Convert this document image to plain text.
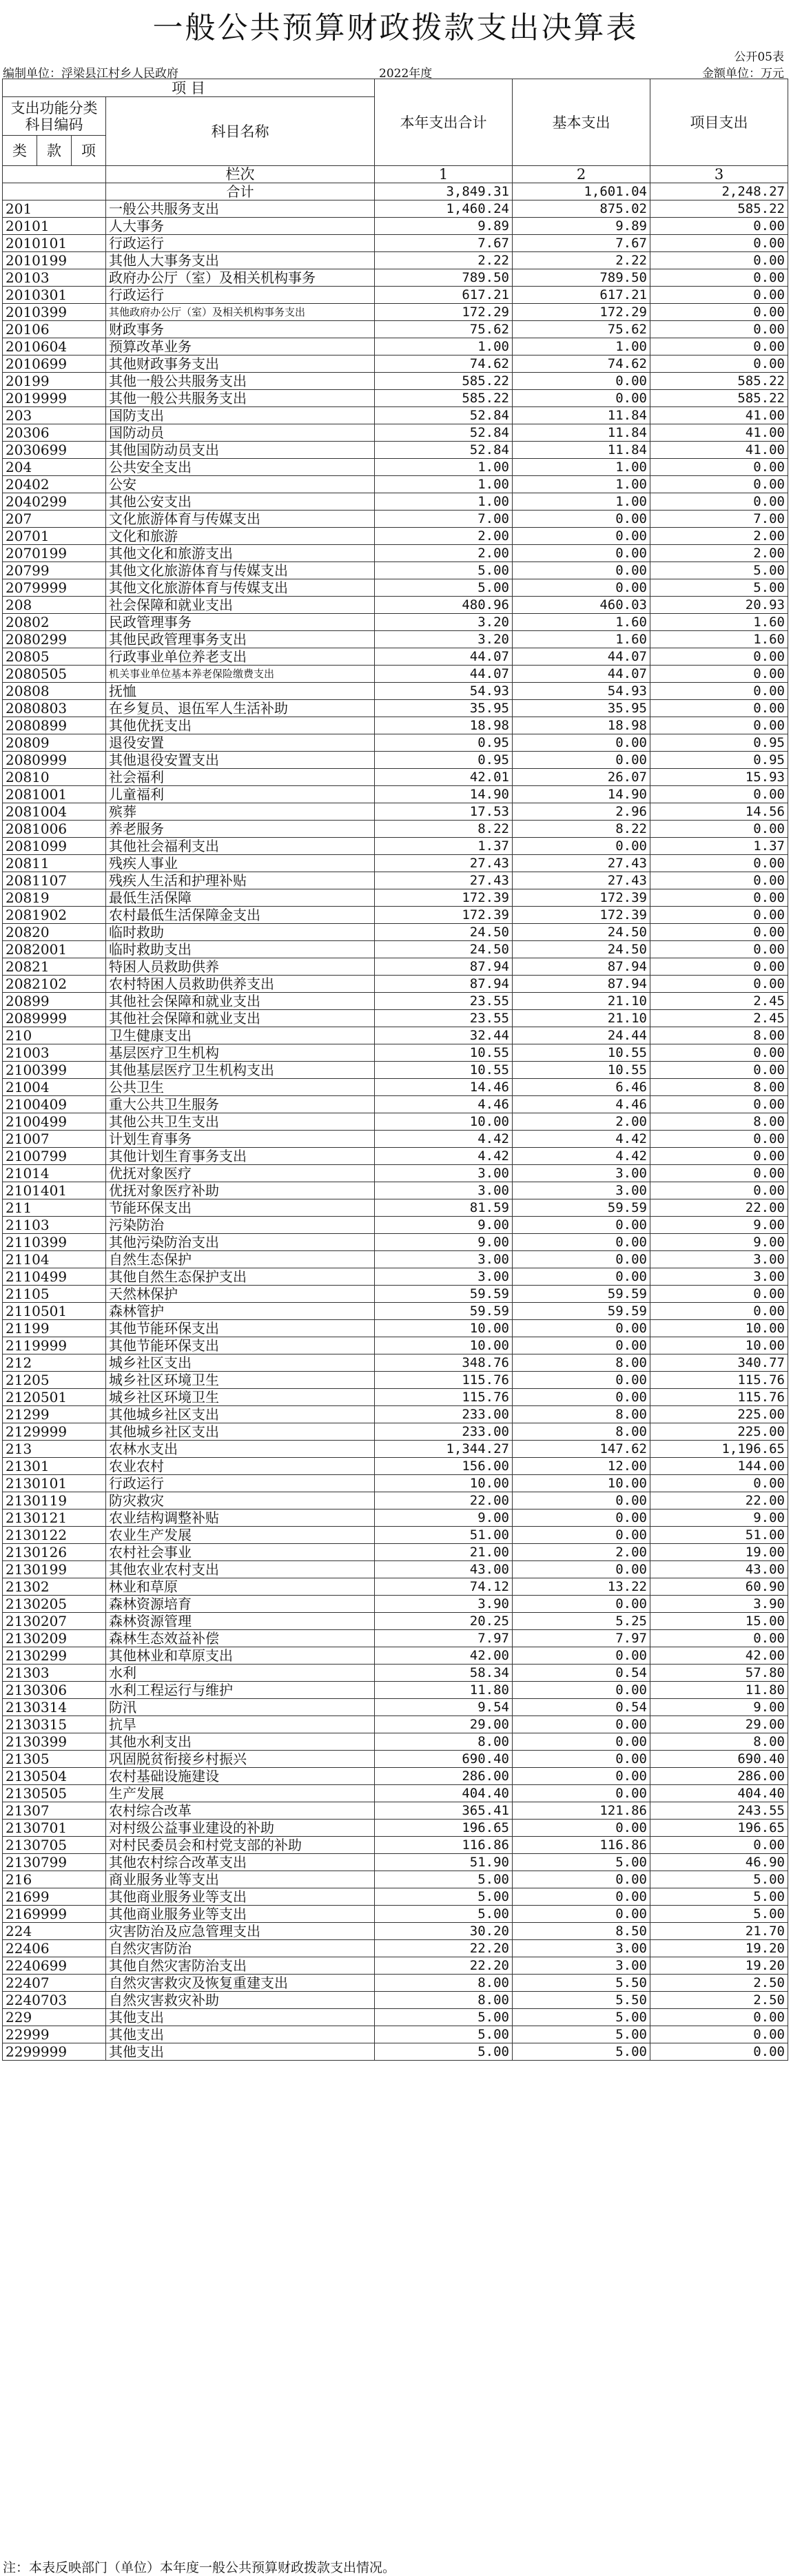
一般公共预算财政拨款支出决算表
公开05表
编制单位：浮梁县江村乡人民政府	2022年度	金额单位：万元
项 目				本年支出合计	基本支出	项目支出
支出功能分类科目编码			科目名称			
类	款	项				
			栏次	1	2	3
			合计	3,849.31	1,601.04	2,248.27
201			一般公共服务支出	1,460.24	875.02	585.22
20101			人大事务	9.89	9.89	0.00
2010101			行政运行	7.67	7.67	0.00
2010199			其他人大事务支出	2.22	2.22	0.00
20103			政府办公厅（室）及相关机构事务	789.50	789.50	0.00
2010301			行政运行	617.21	617.21	0.00
2010399			其他政府办公厅（室）及相关机构事务支出	172.29	172.29	0.00
20106			财政事务	75.62	75.62	0.00
2010604			预算改革业务	1.00	1.00	0.00
2010699			其他财政事务支出	74.62	74.62	0.00
20199			其他一般公共服务支出	585.22	0.00	585.22
2019999			其他一般公共服务支出	585.22	0.00	585.22
203			国防支出	52.84	11.84	41.00
20306			国防动员	52.84	11.84	41.00
2030699			其他国防动员支出	52.84	11.84	41.00
204			公共安全支出	1.00	1.00	0.00
20402			公安	1.00	1.00	0.00
2040299			其他公安支出	1.00	1.00	0.00
207			文化旅游体育与传媒支出	7.00	0.00	7.00
20701			文化和旅游	2.00	0.00	2.00
2070199			其他文化和旅游支出	2.00	0.00	2.00
20799			其他文化旅游体育与传媒支出	5.00	0.00	5.00
2079999			其他文化旅游体育与传媒支出	5.00	0.00	5.00
208			社会保障和就业支出	480.96	460.03	20.93
20802			民政管理事务	3.20	1.60	1.60
2080299			其他民政管理事务支出	3.20	1.60	1.60
20805			行政事业单位养老支出	44.07	44.07	0.00
2080505			机关事业单位基本养老保险缴费支出	44.07	44.07	0.00
20808			抚恤	54.93	54.93	0.00
2080803			在乡复员、退伍军人生活补助	35.95	35.95	0.00
2080899			其他优抚支出	18.98	18.98	0.00
20809			退役安置	0.95	0.00	0.95
2080999			其他退役安置支出	0.95	0.00	0.95
20810			社会福利	42.01	26.07	15.93
2081001			儿童福利	14.90	14.90	0.00
2081004			殡葬	17.53	2.96	14.56
2081006			养老服务	8.22	8.22	0.00
2081099			其他社会福利支出	1.37	0.00	1.37
20811			残疾人事业	27.43	27.43	0.00
2081107			残疾人生活和护理补贴	27.43	27.43	0.00
20819			最低生活保障	172.39	172.39	0.00
2081902			农村最低生活保障金支出	172.39	172.39	0.00
20820			临时救助	24.50	24.50	0.00
2082001			临时救助支出	24.50	24.50	0.00
20821			特困人员救助供养	87.94	87.94	0.00
2082102			农村特困人员救助供养支出	87.94	87.94	0.00
20899			其他社会保障和就业支出	23.55	21.10	2.45
2089999			其他社会保障和就业支出	23.55	21.10	2.45
210			卫生健康支出	32.44	24.44	8.00
21003			基层医疗卫生机构	10.55	10.55	0.00
2100399			其他基层医疗卫生机构支出	10.55	10.55	0.00
21004			公共卫生	14.46	6.46	8.00
2100409			重大公共卫生服务	4.46	4.46	0.00
2100499			其他公共卫生支出	10.00	2.00	8.00
21007			计划生育事务	4.42	4.42	0.00
2100799			其他计划生育事务支出	4.42	4.42	0.00
21014			优抚对象医疗	3.00	3.00	0.00
2101401			优抚对象医疗补助	3.00	3.00	0.00
211			节能环保支出	81.59	59.59	22.00
21103			污染防治	9.00	0.00	9.00
2110399			其他污染防治支出	9.00	0.00	9.00
21104			自然生态保护	3.00	0.00	3.00
2110499			其他自然生态保护支出	3.00	0.00	3.00
21105			天然林保护	59.59	59.59	0.00
2110501			森林管护	59.59	59.59	0.00
21199			其他节能环保支出	10.00	0.00	10.00
2119999			其他节能环保支出	10.00	0.00	10.00
212			城乡社区支出	348.76	8.00	340.77
21205			城乡社区环境卫生	115.76	0.00	115.76
2120501			城乡社区环境卫生	115.76	0.00	115.76
21299			其他城乡社区支出	233.00	8.00	225.00
2129999			其他城乡社区支出	233.00	8.00	225.00
213			农林水支出	1,344.27	147.62	1,196.65
21301			农业农村	156.00	12.00	144.00
2130101			行政运行	10.00	10.00	0.00
2130119			防灾救灾	22.00	0.00	22.00
2130121			农业结构调整补贴	9.00	0.00	9.00
2130122			农业生产发展	51.00	0.00	51.00
2130126			农村社会事业	21.00	2.00	19.00
2130199			其他农业农村支出	43.00	0.00	43.00
21302			林业和草原	74.12	13.22	60.90
2130205			森林资源培育	3.90	0.00	3.90
2130207			森林资源管理	20.25	5.25	15.00
2130209			森林生态效益补偿	7.97	7.97	0.00
2130299			其他林业和草原支出	42.00	0.00	42.00
21303			水利	58.34	0.54	57.80
2130306			水利工程运行与维护	11.80	0.00	11.80
2130314			防汛	9.54	0.54	9.00
2130315			抗旱	29.00	0.00	29.00
2130399			其他水利支出	8.00	0.00	8.00
21305			巩固脱贫衔接乡村振兴	690.40	0.00	690.40
2130504			农村基础设施建设	286.00	0.00	286.00
2130505			生产发展	404.40	0.00	404.40
21307			农村综合改革	365.41	121.86	243.55
2130701			对村级公益事业建设的补助	196.65	0.00	196.65
2130705			对村民委员会和村党支部的补助	116.86	116.86	0.00
2130799			其他农村综合改革支出	51.90	5.00	46.90
216			商业服务业等支出	5.00	0.00	5.00
21699			其他商业服务业等支出	5.00	0.00	5.00
2169999			其他商业服务业等支出	5.00	0.00	5.00
224			灾害防治及应急管理支出	30.20	8.50	21.70
22406			自然灾害防治	22.20	3.00	19.20
2240699			其他自然灾害防治支出	22.20	3.00	19.20
22407			自然灾害救灾及恢复重建支出	8.00	5.50	2.50
2240703			自然灾害救灾补助	8.00	5.50	2.50
229			其他支出	5.00	5.00	0.00
22999			其他支出	5.00	5.00	0.00
2299999			其他支出	5.00	5.00	0.00
注：本表反映部门（单位）本年度一般公共预算财政拨款支出情况。
